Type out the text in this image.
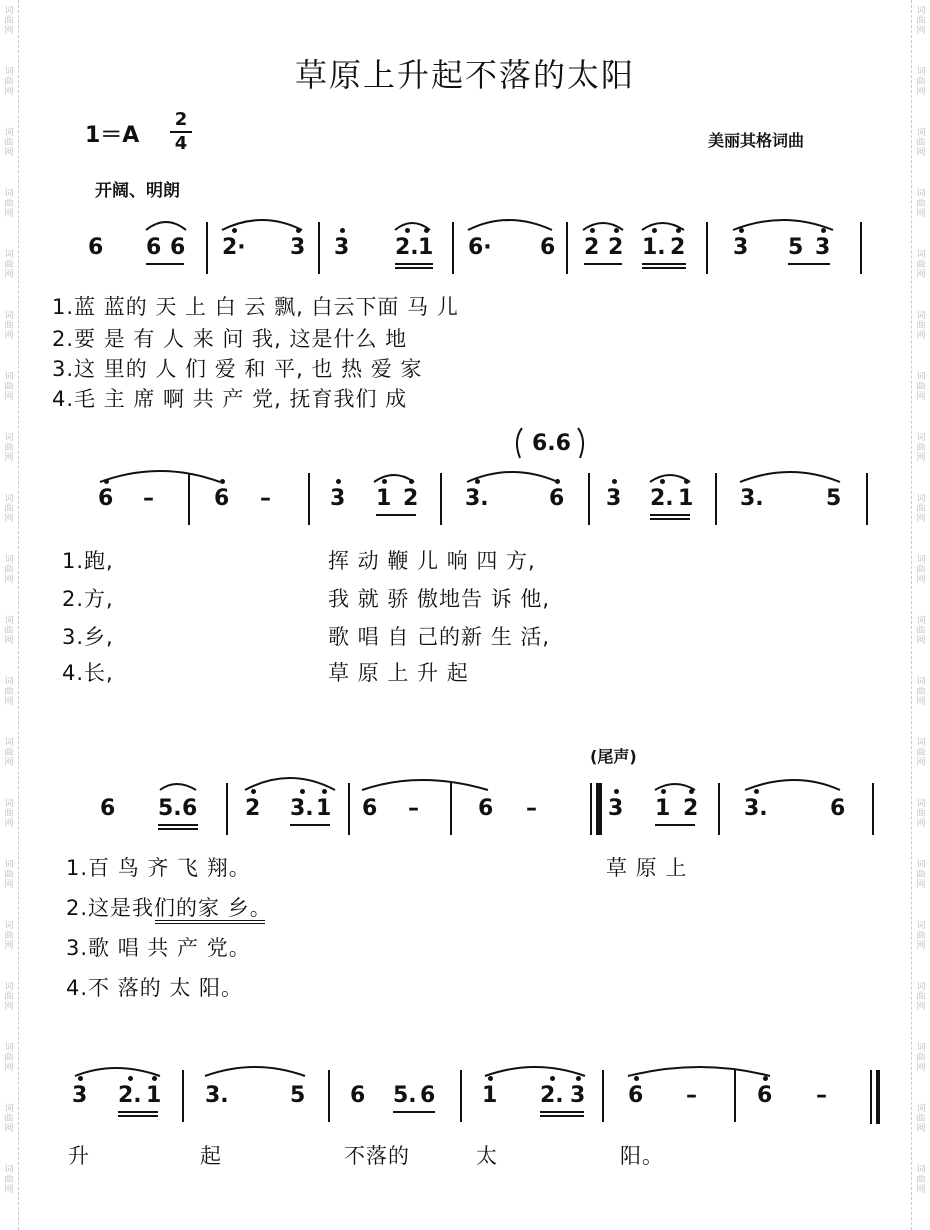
词
曲
网
词
曲
网
词
曲
网
词
曲
网
词
曲
网
词
曲
网
词
曲
网
词
曲
网
词
曲
网
词
曲
网
词
曲
网
词
曲
网
词
曲
网
词
曲
网
词
曲
网
词
曲
网
词
曲
网
词
曲
网
词
曲
网
词
曲
网
词
曲
网
词
曲
网
词
曲
网
词
曲
网
词
曲
网
词
曲
网
词
曲
网
词
曲
网
词
曲
网
词
曲
网
词
曲
网
词
曲
网
词
曲
网
词
曲
网
词
曲
网
词
曲
网
词
曲
网
词
曲
网
词
曲
网
词
曲
网
草原上升起不落的太阳
1＝A
2
4	美丽其格词曲
开阔、明朗
6 6 6 2· 3 3 2. 1 6· 6 2 2 1. 2 3 5 3
6 –	6 –	3 1 2 3.	6 3 2. 1 3.	5
6.6
6 5. 6 2 3. 1 6 –	6 –	3 1 2 3.	6
3 2. 1 3.	5 6 5. 6 1 2. 3 6 –	6 –
1.蓝 蓝的 天 上 白 云 飘, 白云下面 马 儿
2.要 是 有 人 来 问 我, 这是什么 地
3.这 里的 人 们 爱 和 平, 也 热 爱 家
4.毛 主 席 啊 共 产 党, 抚育我们 成
1.跑,	挥 动 鞭 儿 响 四 方,
2.方,	我 就 骄 傲地告 诉 他,
3.乡,	歌 唱 自 己的新 生 活,
4.长,	草 原 上 升 起
(尾声)
1.百 鸟 齐 飞 翔。	草 原 上
2.这是我们的家 乡。
3.歌 唱 共 产 党。
4.不 落的 太 阳。
升	起	不落的	太	阳。
